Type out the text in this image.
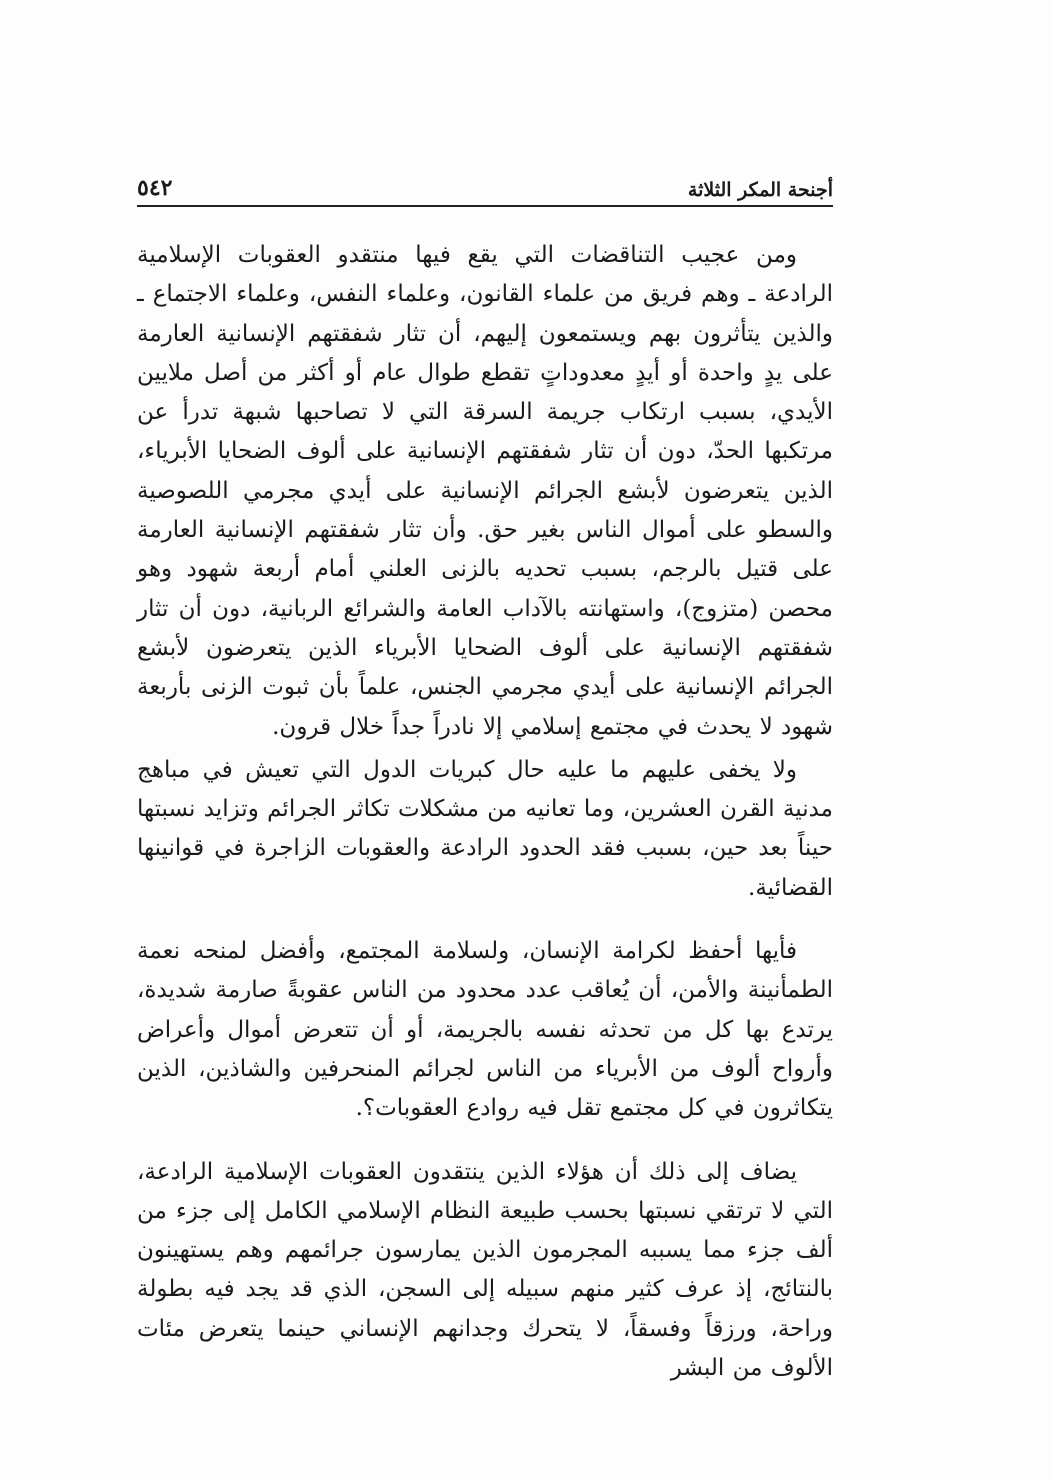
أجنحة المكر الثلاثة
٥٤٢

ومن عجيب التناقضات التي يقع فيها منتقدو العقوبات الإسلامية الرادعة ـ وهم فريق من علماء القانون، وعلماء النفس، وعلماء الاجتماع ـ والذين يتأثرون بهم ويستمعون إليهم، أن تثار شفقتهم الإنسانية العارمة على يدٍ واحدة أو أيدٍ معدوداتٍ تقطع طوال عام أو أكثر من أصل ملايين الأيدي، بسبب ارتكاب جريمة السرقة التي لا تصاحبها شبهة تدرأ عن مرتكبها الحدّ، دون أن تثار شفقتهم الإنسانية على ألوف الضحايا الأبرياء، الذين يتعرضون لأبشع الجرائم الإنسانية على أيدي مجرمي اللصوصية والسطو على أموال الناس بغير حق. وأن تثار شفقتهم الإنسانية العارمة على قتيل بالرجم، بسبب تحديه بالزنى العلني أمام أربعة شهود وهو محصن (متزوج)، واستهانته بالآداب العامة والشرائع الربانية، دون أن تثار شفقتهم الإنسانية على ألوف الضحايا الأبرياء الذين يتعرضون لأبشع الجرائم الإنسانية على أيدي مجرمي الجنس، علماً بأن ثبوت الزنى بأربعة شهود لا يحدث في مجتمع إسلامي إلا نادراً جداً خلال قرون.

ولا يخفى عليهم ما عليه حال كبريات الدول التي تعيش في مباهج مدنية القرن العشرين، وما تعانيه من مشكلات تكاثر الجرائم وتزايد نسبتها حيناً بعد حين، بسبب فقد الحدود الرادعة والعقوبات الزاجرة في قوانينها القضائية.

فأيها أحفظ لكرامة الإنسان، ولسلامة المجتمع، وأفضل لمنحه نعمة الطمأنينة والأمن، أن يُعاقب عدد محدود من الناس عقوبةً صارمة شديدة، يرتدع بها كل من تحدثه نفسه بالجريمة، أو أن تتعرض أموال وأعراض وأرواح ألوف من الأبرياء من الناس لجرائم المنحرفين والشاذين، الذين يتكاثرون في كل مجتمع تقل فيه روادع العقوبات؟.

يضاف إلى ذلك أن هؤلاء الذين ينتقدون العقوبات الإسلامية الرادعة، التي لا ترتقي نسبتها بحسب طبيعة النظام الإسلامي الكامل إلى جزء من ألف جزء مما يسببه المجرمون الذين يمارسون جرائمهم وهم يستهينون بالنتائج، إذ عرف كثير منهم سبيله إلى السجن، الذي قد يجد فيه بطولة وراحة، ورزقاً وفسقاً، لا يتحرك وجدانهم الإنساني حينما يتعرض مئات الألوف من البشر
